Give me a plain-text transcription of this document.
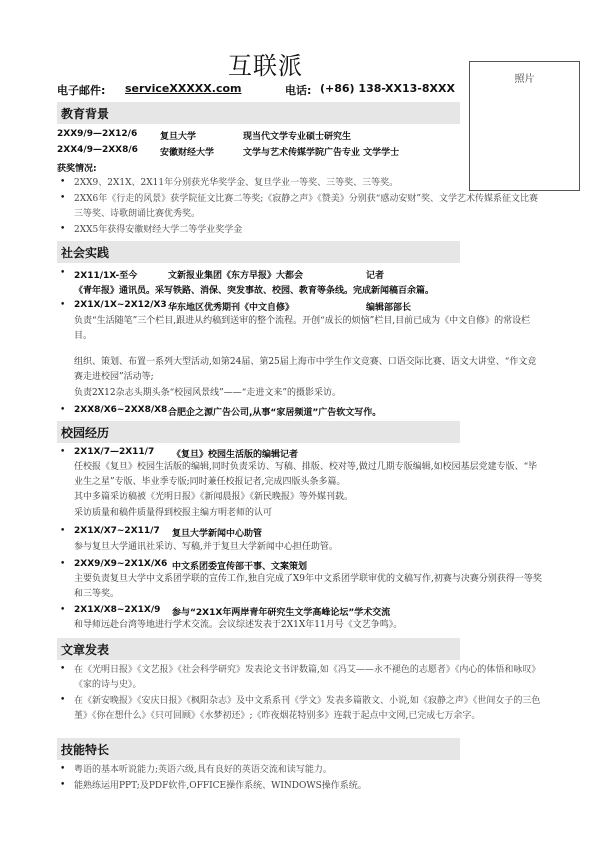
互联派
电子邮件: serviceXXXXX.com	电话: (+86) 138-XX13-8XXX
照片
教育背景
2XX9/9—2X12/6	复旦大学	现当代文学专业硕士研究生
2XX4/9—2XX8/6 安徽财经大学	文学与艺术传媒学院广告专业 文学学士
获奖情况:
• 2XX9、2X1X、2X11年分别获光华奖学金、复旦学业一等奖、三等奖、三等奖。
• 2XX6年《行走的风景》获学院征文比赛二等奖;《寂静之声》《赞美》分别获“感动安财”奖、文学艺术传媒系征文比赛三等奖、诗歌朗诵比赛优秀奖。
• 2XX5年获得安徽财经大学二等学业奖学金
社会实践
• 2X11/1X-至今	文新报业集团《东方早报》大都会	记者
《青年报》通讯员。采写铁路、消保、突发事故、校园、教育等条线。完成新闻稿百余篇。
• 2X1X/1X~2X12/X3 华东地区优秀期刊《中文自修》	编辑部部长
负责“生活随笔”三个栏目,跟进从约稿到送审的整个流程。开创“成长的烦恼”栏目,目前已成为《中文自修》的常设栏目。
组织、策划、布置一系列大型活动,如第24届、第25届上海市中学生作文竞赛、口语交际比赛、语文大讲堂、“作文竞赛走进校园”活动等;
负责2X12杂志头期头条“校园风景线”——“走进文来”的摄影采访。
• 2XX8/X6~2XX8/X8 合肥企之源广告公司,从事“家居频道”广告软文写作。
校园经历
• 2X1X/7—2X11/7 《复旦》校园生活版的编辑记者
任校报《复旦》校园生活版的编辑,同时负责采访、写稿、排版、校对等,做过几期专版编辑,如校园基层党建专版、“毕业生之星”专版、毕业季专版;同时兼任校报记者,完成四版头条多篇。
其中多篇采访稿被《光明日报》《新闻晨报》《新民晚报》等外媒刊载。
采访质量和稿件质量得到校报主编方明老师的认可
• 2X1X/X7~2X11/7 复旦大学新闻中心助管
参与复旦大学通讯社采访、写稿,并于复旦大学新闻中心担任助管。
• 2XX9/X9~2X1X/X6 中文系团委宣传部干事、文案策划
主要负责复旦大学中文系团学联的宣传工作,独自完成了X9年中文系团学联审优的文稿写作,初赛与决赛分别获得一等奖和三等奖。
• 2X1X/X8~2X1X/9 参与“2X1X年两岸青年研究生文学高峰论坛”学术交流
和导师远赴台湾等地进行学术交流。会议综述发表于2X1X年11月号《文艺争鸣》。
文章发表
• 在《光明日报》《文艺报》《社会科学研究》发表论文书评数篇,如《冯艾——永不褪色的志愿者》《内心的体悟和咏叹》《家的诗与史》。
• 在《新安晚报》《安庆日报》《枫阳杂志》及中文系系刊《学文》发表多篇散文、小说,如《寂静之声》《世间女子的三色堇》《你在想什么》《只可回顾》《水梦初还》;《昨夜烟花特别多》连载于起点中文网,已完成七万余字。
技能特长
• 粤语的基本听说能力;英语六级,具有良好的英语交流和读写能力。
• 能熟练运用PPT;及PDF软件,OFFICE操作系统、WINDOWS操作系统。
